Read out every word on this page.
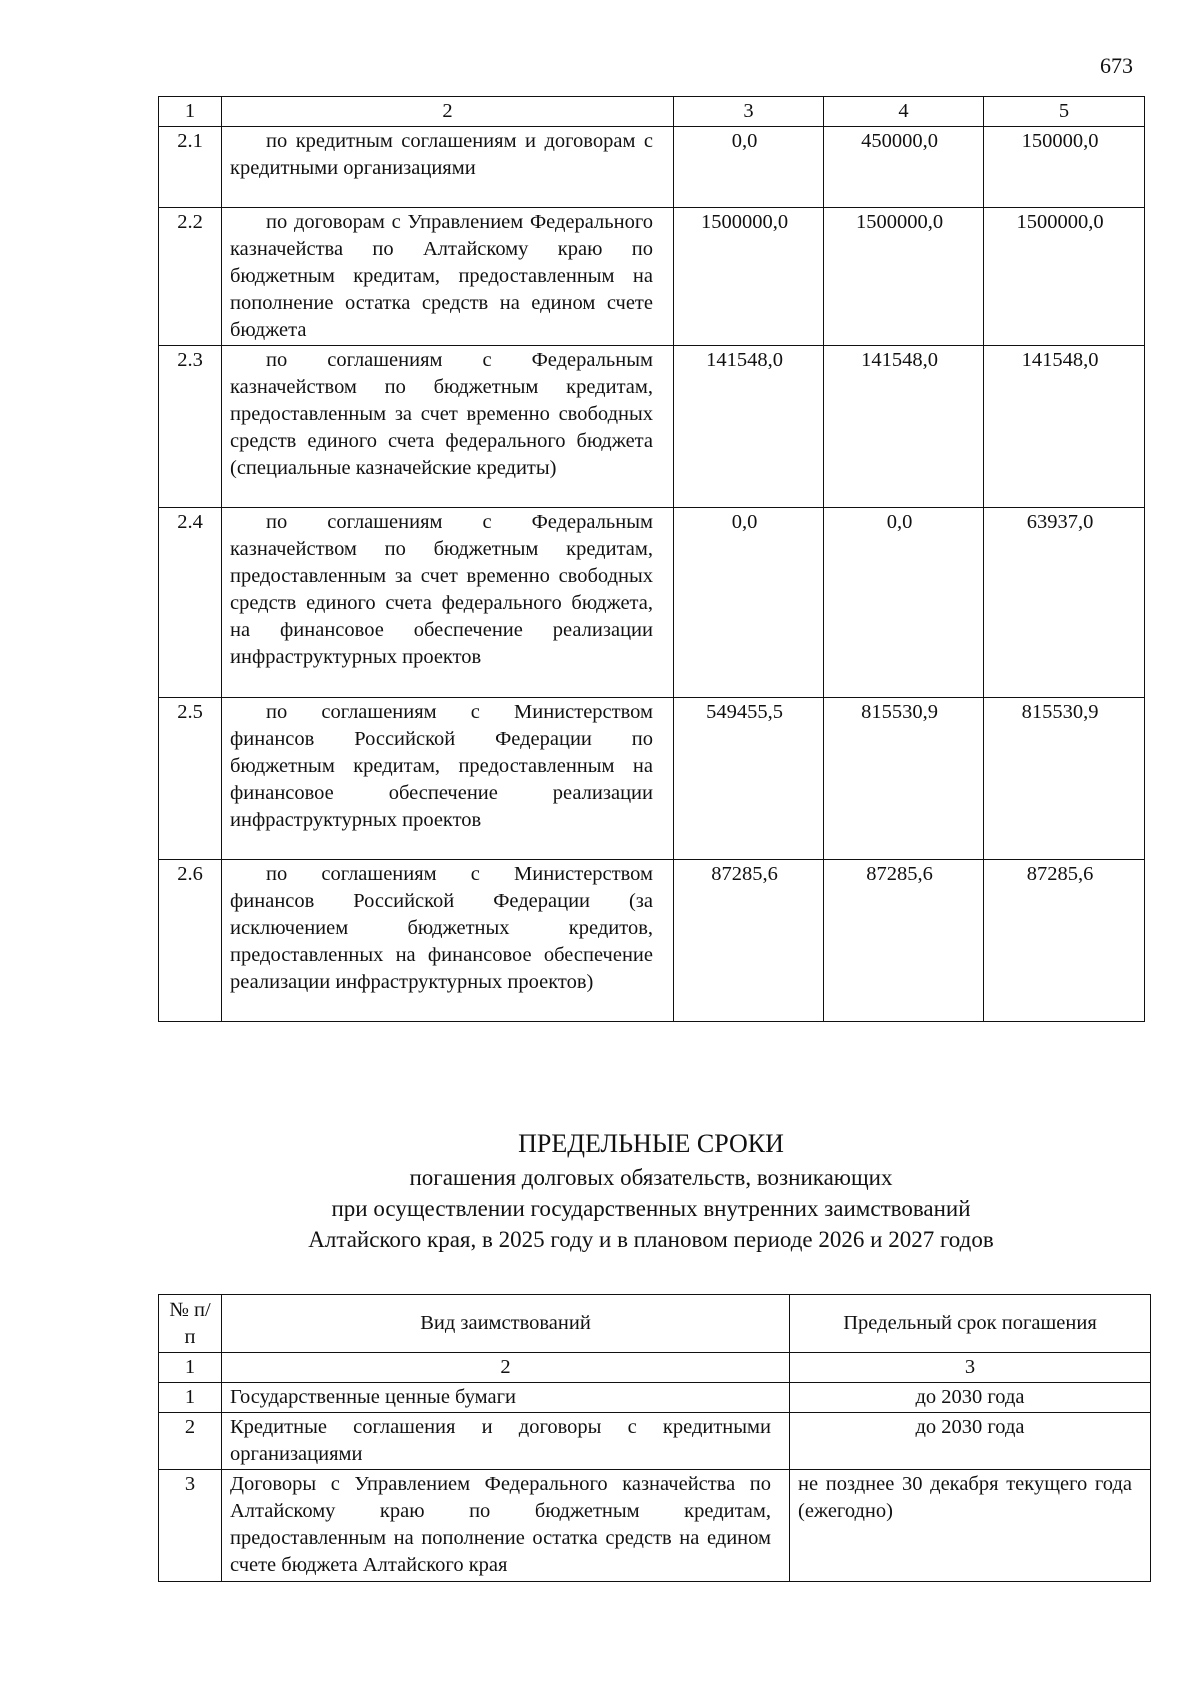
673
1	2	3	4	5
2.1	по кредитным соглашениям и договорам с кредитными организациями	0,0	450000,0	150000,0
2.2	по договорам с Управлением Федерального казначейства по Алтайскому краю по бюджетным кредитам, предоставленным на пополнение остатка средств на едином счете бюджета	1500000,0	1500000,0	1500000,0
2.3	по соглашениям с Федеральным казначейством по бюджетным кредитам, предоставленным за счет временно свободных средств единого счета федерального бюджета (специальные казначейские кредиты)	141548,0	141548,0	141548,0
2.4	по соглашениям с Федеральным казначейством по бюджетным кредитам, предоставленным за счет временно свободных средств единого счета федерального бюджета, на финансовое обеспечение реализации инфраструктурных проектов	0,0	0,0	63937,0
2.5	по соглашениям с Министерством финансов Российской Федерации по бюджетным кредитам, предоставленным на финансовое обеспечение реализации инфраструктурных проектов	549455,5	815530,9	815530,9
2.6	по соглашениям с Министерством финансов Российской Федерации (за исключением бюджетных кредитов, предоставленных на финансовое обеспечение реализации инфраструктурных проектов)	87285,6	87285,6	87285,6
ПРЕДЕЛЬНЫЕ СРОКИ
погашения долговых обязательств, возникающих
при осуществлении государственных внутренних заимствований
Алтайского края, в 2025 году и в плановом периоде 2026 и 2027 годов
№ п/п	Вид заимствований	Предельный срок погашения
1	2	3
1	Государственные ценные бумаги	до 2030 года
2	Кредитные соглашения и договоры с кредитными организациями	до 2030 года
3	Договоры с Управлением Федерального казначейства по Алтайскому краю по бюджетным кредитам, предоставленным на пополнение остатка средств на едином счете бюджета Алтайского края	не позднее 30 декабря текущего года (ежегодно)
